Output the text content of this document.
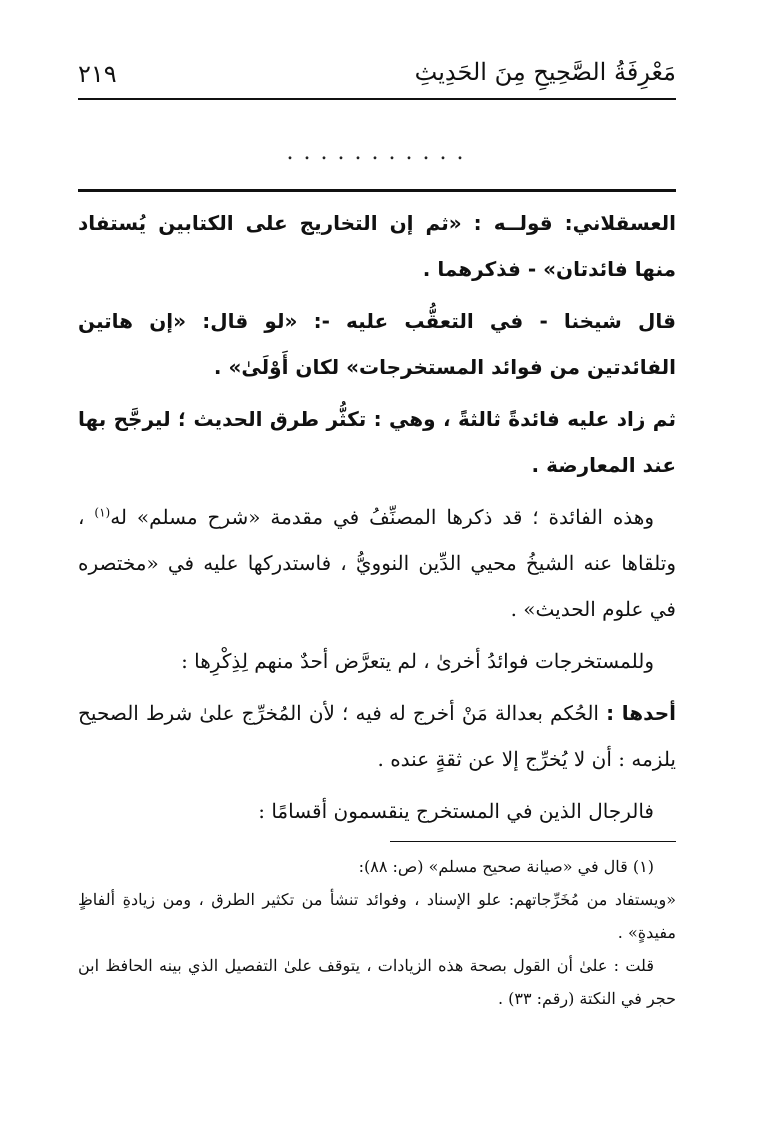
مَعْرِفَةُ الصَّحِيحِ مِنَ الحَدِيثِ
٢١٩
...........

العسقلاني: قولــه : «ثم إن التخاريج على الكتابين يُستفاد منها فائدتان» - فذكرهما .

قال شيخنا - في التعقُّب عليه -: «لو قال: «إن هاتين الفائدتين من فوائد المستخرجات» لكان أَوْلَىٰ» .

ثم زاد عليه فائدةً ثالثةً ، وهي : تكثُّر طرق الحديث ؛ ليرجَّح بها عند المعارضة .

وهذه الفائدة ؛ قد ذكرها المصنِّفُ في مقدمة «شرح مسلم» له$^{(١)}$ ، وتلقاها عنه الشيخُ محيي الدِّين النوويُّ ، فاستدركها عليه في «مختصره في علوم الحديث» .

وللمستخرجات فوائدُ أخرىٰ ، لم يتعرَّض أحدٌ منهم لِذِكْرِها :

أحدها : الحُكم بعدالة مَنْ أخرج له فيه ؛ لأن المُخرِّج علىٰ شرط الصحيح يلزمه : أن لا يُخرِّج إلا عن ثقةٍ عنده .

فالرجال الذين في المستخرج ينقسمون أقسامًا :

(١) قال في «صيانة صحيح مسلم» (ص: ٨٨):

«ويستفاد من مُخَرِّجاتهم: علو الإسناد ، وفوائد تنشأ من تكثير الطرق ، ومن زيادةِ ألفاظٍ مفيدةٍ» .

قلت : علىٰ أن القول بصحة هذه الزيادات ، يتوقف علىٰ التفصيل الذي بينه الحافظ ابن حجر في النكتة (رقم: ٣٣) .
